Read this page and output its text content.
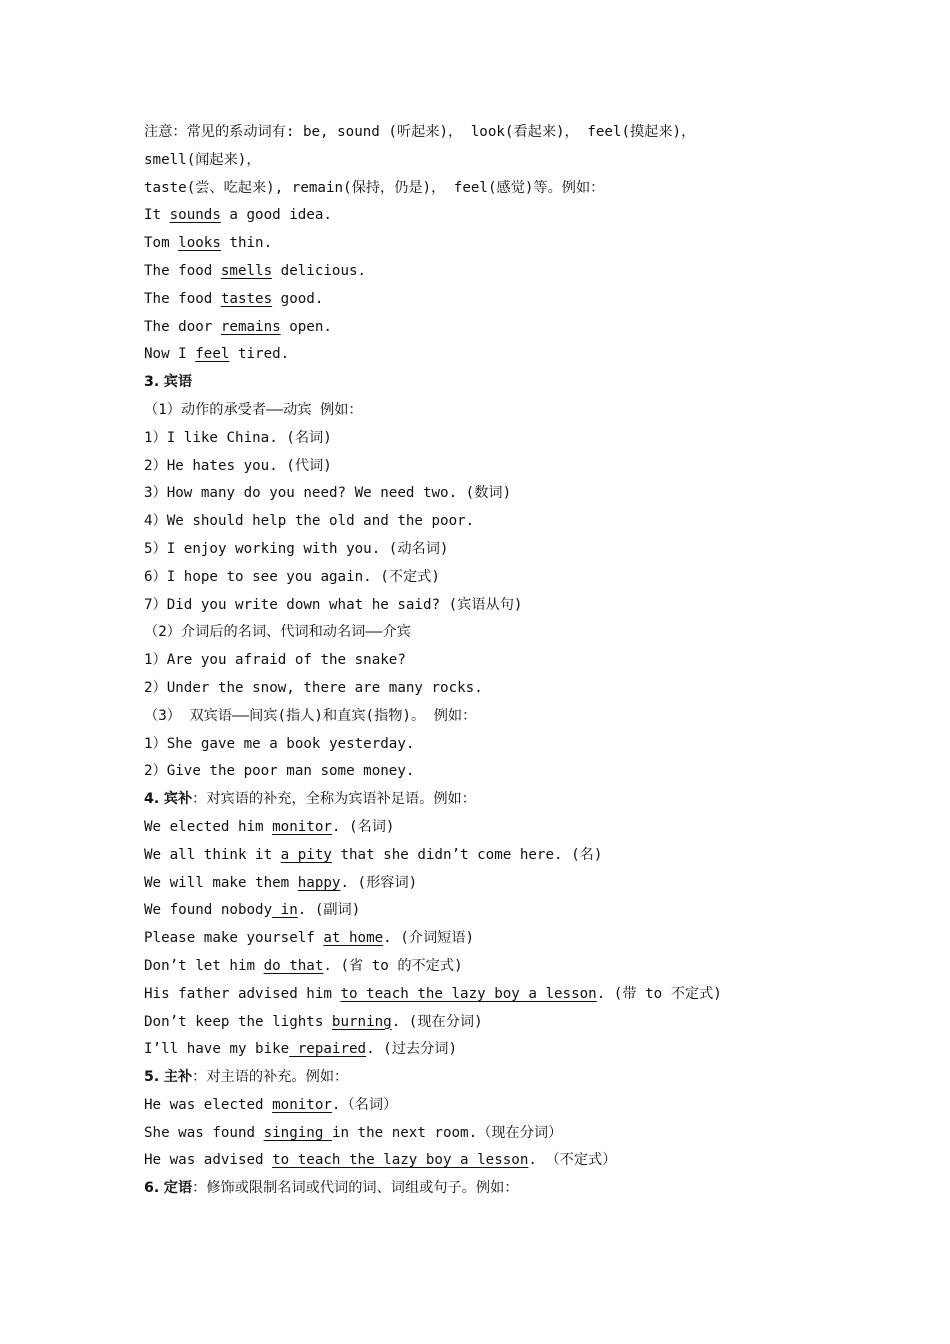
注意：常见的系动词有: be, sound (听起来)， look(看起来)， feel(摸起来)，
smell(闻起来)，
taste(尝、吃起来), remain(保持，仍是)， feel(感觉)等。例如：
It sounds a good idea.
Tom looks thin.
The food smells delicious.
The food tastes good.
The door remains open.
Now I feel tired.
3. 宾语
（1）动作的承受者——动宾 例如：
1）I like China. (名词)
2）He hates you. (代词)
3）How many do you need? We need two. (数词)
4）We should help the old and the poor.
5）I enjoy working with you. (动名词)
6）I hope to see you again. (不定式)
7）Did you write down what he said? (宾语从句)
（2）介词后的名词、代词和动名词——介宾
1）Are you afraid of the snake?
2）Under the snow, there are many rocks.
（3） 双宾语——间宾(指人)和直宾(指物)。 例如：
1）She gave me a book yesterday.
2）Give the poor man some money.
4. 宾补：对宾语的补充，全称为宾语补足语。例如：
We elected him monitor. (名词)
We all think it a pity that she didn’t come here. (名)
We will make them happy. (形容词)
We found nobody in. (副词)
Please make yourself at home. (介词短语)
Don’t let him do that. (省 to 的不定式)
His father advised him to teach the lazy boy a lesson. (带 to 不定式)
Don’t keep the lights burning. (现在分词)
I’ll have my bike repaired. (过去分词)
5. 主补：对主语的补充。例如：
He was elected monitor.（名词）
She was found singing in the next room.（现在分词）
He was advised to teach the lazy boy a lesson. （不定式）
6. 定语：修饰或限制名词或代词的词、词组或句子。例如：
